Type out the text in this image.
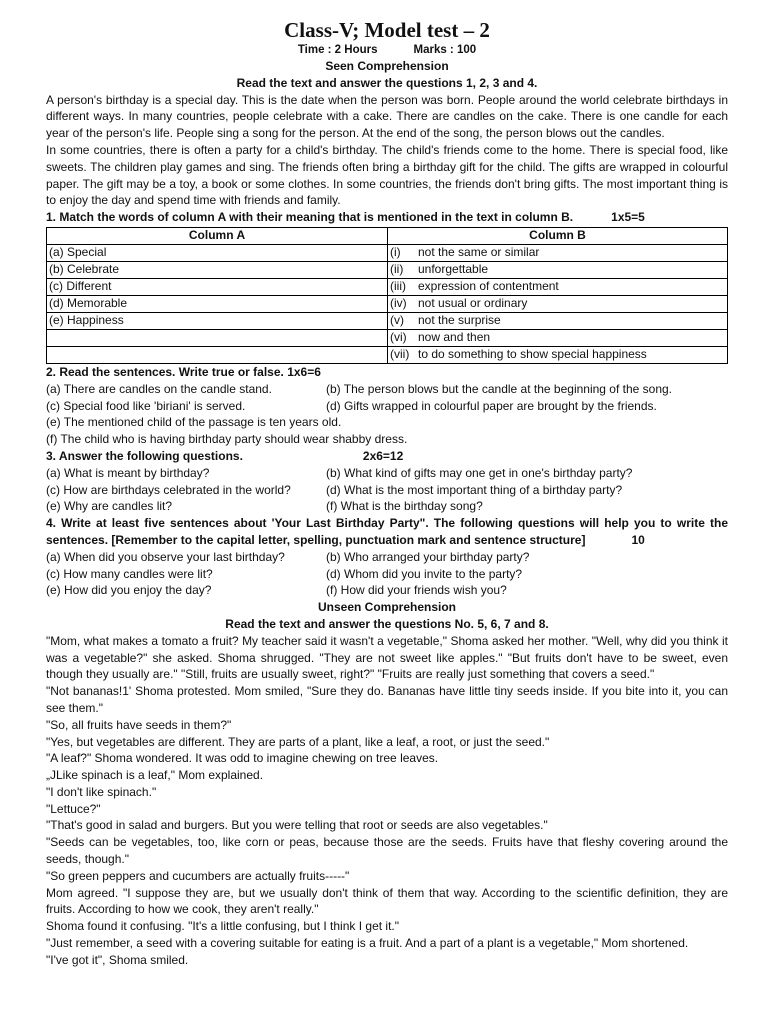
Class-V; Model test – 2
Time : 2 Hours	Marks : 100
Seen Comprehension
Read the text and answer the questions 1, 2, 3 and 4.

A person's birthday is a special day. This is the date when the person was born. People around the world celebrate birthdays in different ways. In many countries, people celebrate with a cake. There are candles on the cake. There is one candle for each year of the person's life. People sing a song for the person. At the end of the song, the person blows out the candles.

In some countries, there is often a party for a child's birthday. The child's friends come to the home. There is special food, like sweets. The children play games and sing. The friends often bring a birthday gift for the child. The gifts are wrapped in colourful paper. The gift may be a toy, a book or some clothes. In some countries, the friends don't bring gifts. The most important thing is to enjoy the day and spend time with friends and family.

1. Match the words of column A with their meaning that is mentioned in the text in column B.	1x5=5
Column A	Column B
(a) Special	(i) not the same or similar
(b) Celebrate	(ii) unforgettable
(c) Different	(iii) expression of contentment
(d) Memorable	(iv) not usual or ordinary
(e) Happiness	(v) not the surprise
	(vi) now and then
	(vii) to do something to show special happiness
2. Read the sentences. Write true or false. 1x6=6
(a) There are candles on the candle stand.	(b) The person blows but the candle at the beginning of the song.
(c) Special food like 'biriani' is served.	(d) Gifts wrapped in colourful paper are brought by the friends.
(e) The mentioned child of the passage is ten years old.
(f) The child who is having birthday party should wear shabby dress.
3. Answer the following questions.	2x6=12
(a) What is meant by birthday?	(b) What kind of gifts may one get in one's birthday party?
(c) How are birthdays celebrated in the world?	(d) What is the most important thing of a birthday party?
(e) Why are candles lit?	(f) What is the birthday song?

4. Write at least five sentences about 'Your Last Birthday Party". The following questions will help you to write the sentences. [Remember to the capital letter, spelling, punctuation mark and sentence structure]	10

(a) When did you observe your last birthday?	(b) Who arranged your birthday party?
(c) How many candles were lit?	(d) Whom did you invite to the party?
(e) How did you enjoy the day?	(f) How did your friends wish you?
Unseen Comprehension
Read the text and answer the questions No. 5, 6, 7 and 8.

"Mom, what makes a tomato a fruit? My teacher said it wasn't a vegetable," Shoma asked her mother. "Well, why did you think it was a vegetable?" she asked. Shoma shrugged. "They are not sweet like apples." "But fruits don't have to be sweet, even though they usually are." "Still, fruits are usually sweet, right?" "Fruits are really just something that covers a seed."

"Not bananas!1' Shoma protested. Mom smiled, "Sure they do. Bananas have little tiny seeds inside. If you bite into it, you can see them."

"So, all fruits have seeds in them?"

"Yes, but vegetables are different. They are parts of a plant, like a leaf, a root, or just the seed."

"A leaf?" Shoma wondered. It was odd to imagine chewing on tree leaves.

„JLike spinach is a leaf," Mom explained.

"I don't like spinach."

"Lettuce?"

"That's good in salad and burgers. But you were telling that root or seeds are also vegetables."

"Seeds can be vegetables, too, like corn or peas, because those are the seeds. Fruits have that fleshy covering around the seeds, though."

"So green peppers and cucumbers are actually fruits-----"

Mom agreed. "I suppose they are, but we usually don't think of them that way. According to the scientific definition, they are fruits. According to how we cook, they aren't really."

Shoma found it confusing. "It's a little confusing, but I think I get it."

"Just remember, a seed with a covering suitable for eating is a fruit. And a part of a plant is a vegetable," Mom shortened.

"I've got it", Shoma smiled.
